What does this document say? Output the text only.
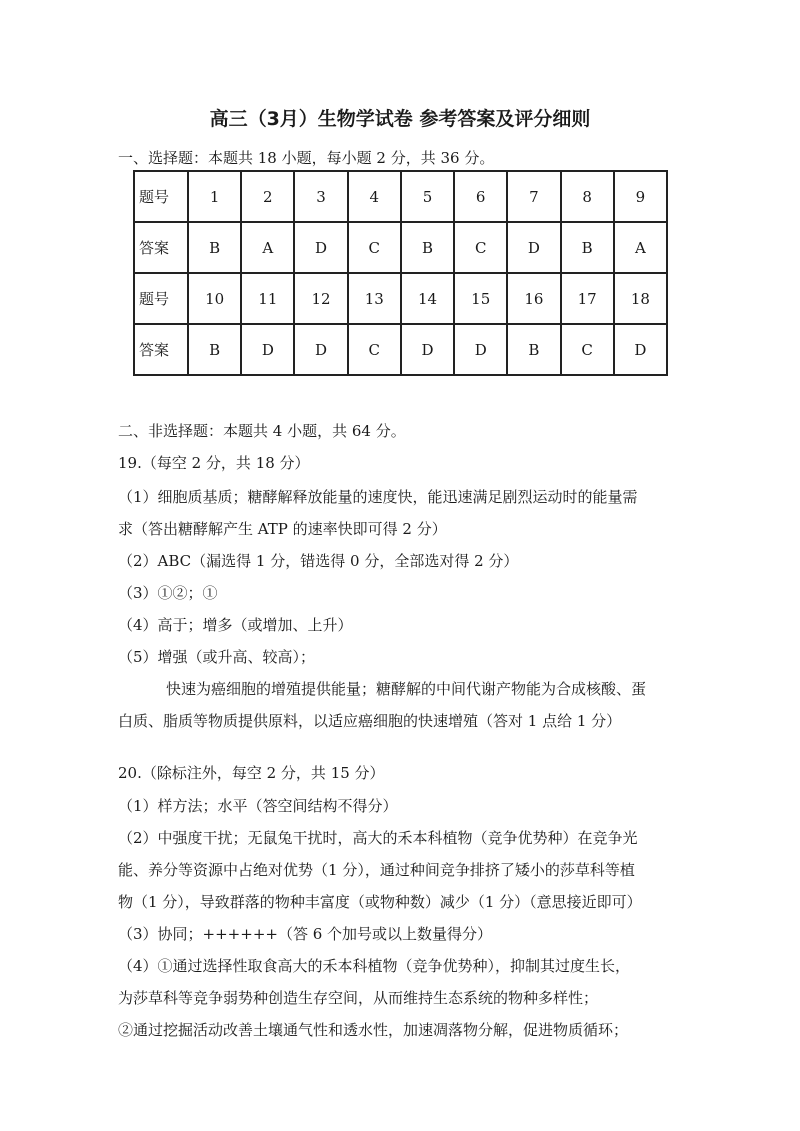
高三（3月）生物学试卷 参考答案及评分细则
一、选择题：本题共 18 小题，每小题 2 分，共 36 分。
题号	1	2	3	4	5	6	7	8	9
答案	B	A	D	C	B	C	D	B	A
题号	10	11	12	13	14	15	16	17	18
答案	B	D	D	C	D	D	B	C	D
二、非选择题：本题共 4 小题，共 64 分。
19.（每空 2 分，共 18 分）
（1）细胞质基质；糖酵解释放能量的速度快，能迅速满足剧烈运动时的能量需
求（答出糖酵解产生 ATP 的速率快即可得 2 分）
（2）ABC（漏选得 1 分，错选得 0 分，全部选对得 2 分）
（3）①②；①
（4）高于；增多（或增加、上升）
（5）增强（或升高、较高）；
快速为癌细胞的增殖提供能量；糖酵解的中间代谢产物能为合成核酸、蛋
白质、脂质等物质提供原料，以适应癌细胞的快速增殖（答对 1 点给 1 分）
20.（除标注外，每空 2 分，共 15 分）
（1）样方法；水平（答空间结构不得分）
（2）中强度干扰；无鼠兔干扰时，高大的禾本科植物（竞争优势种）在竞争光
能、养分等资源中占绝对优势（1 分），通过种间竞争排挤了矮小的莎草科等植
物（1 分），导致群落的物种丰富度（或物种数）减少（1 分）（意思接近即可）
（3）协同；++++++（答 6 个加号或以上数量得分）
（4）①通过选择性取食高大的禾本科植物（竞争优势种），抑制其过度生长，
为莎草科等竞争弱势种创造生存空间，从而维持生态系统的物种多样性；
②通过挖掘活动改善土壤通气性和透水性，加速凋落物分解，促进物质循环；
